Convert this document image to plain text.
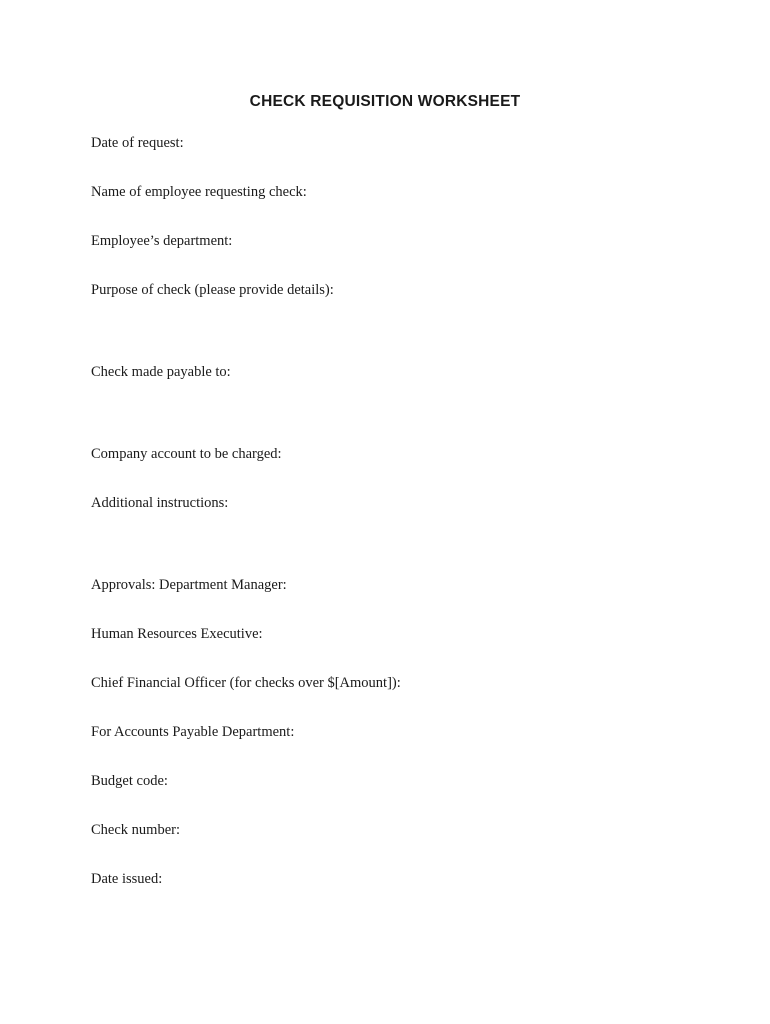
CHECK REQUISITION WORKSHEET

Date of request:

Name of employee requesting check:

Employee’s department:

Purpose of check (please provide details):

Check made payable to:

Company account to be charged:

Additional instructions:

Approvals: Department Manager:

Human Resources Executive:

Chief Financial Officer (for checks over $[Amount]):

For Accounts Payable Department:

Budget code:

Check number:

Date issued:
